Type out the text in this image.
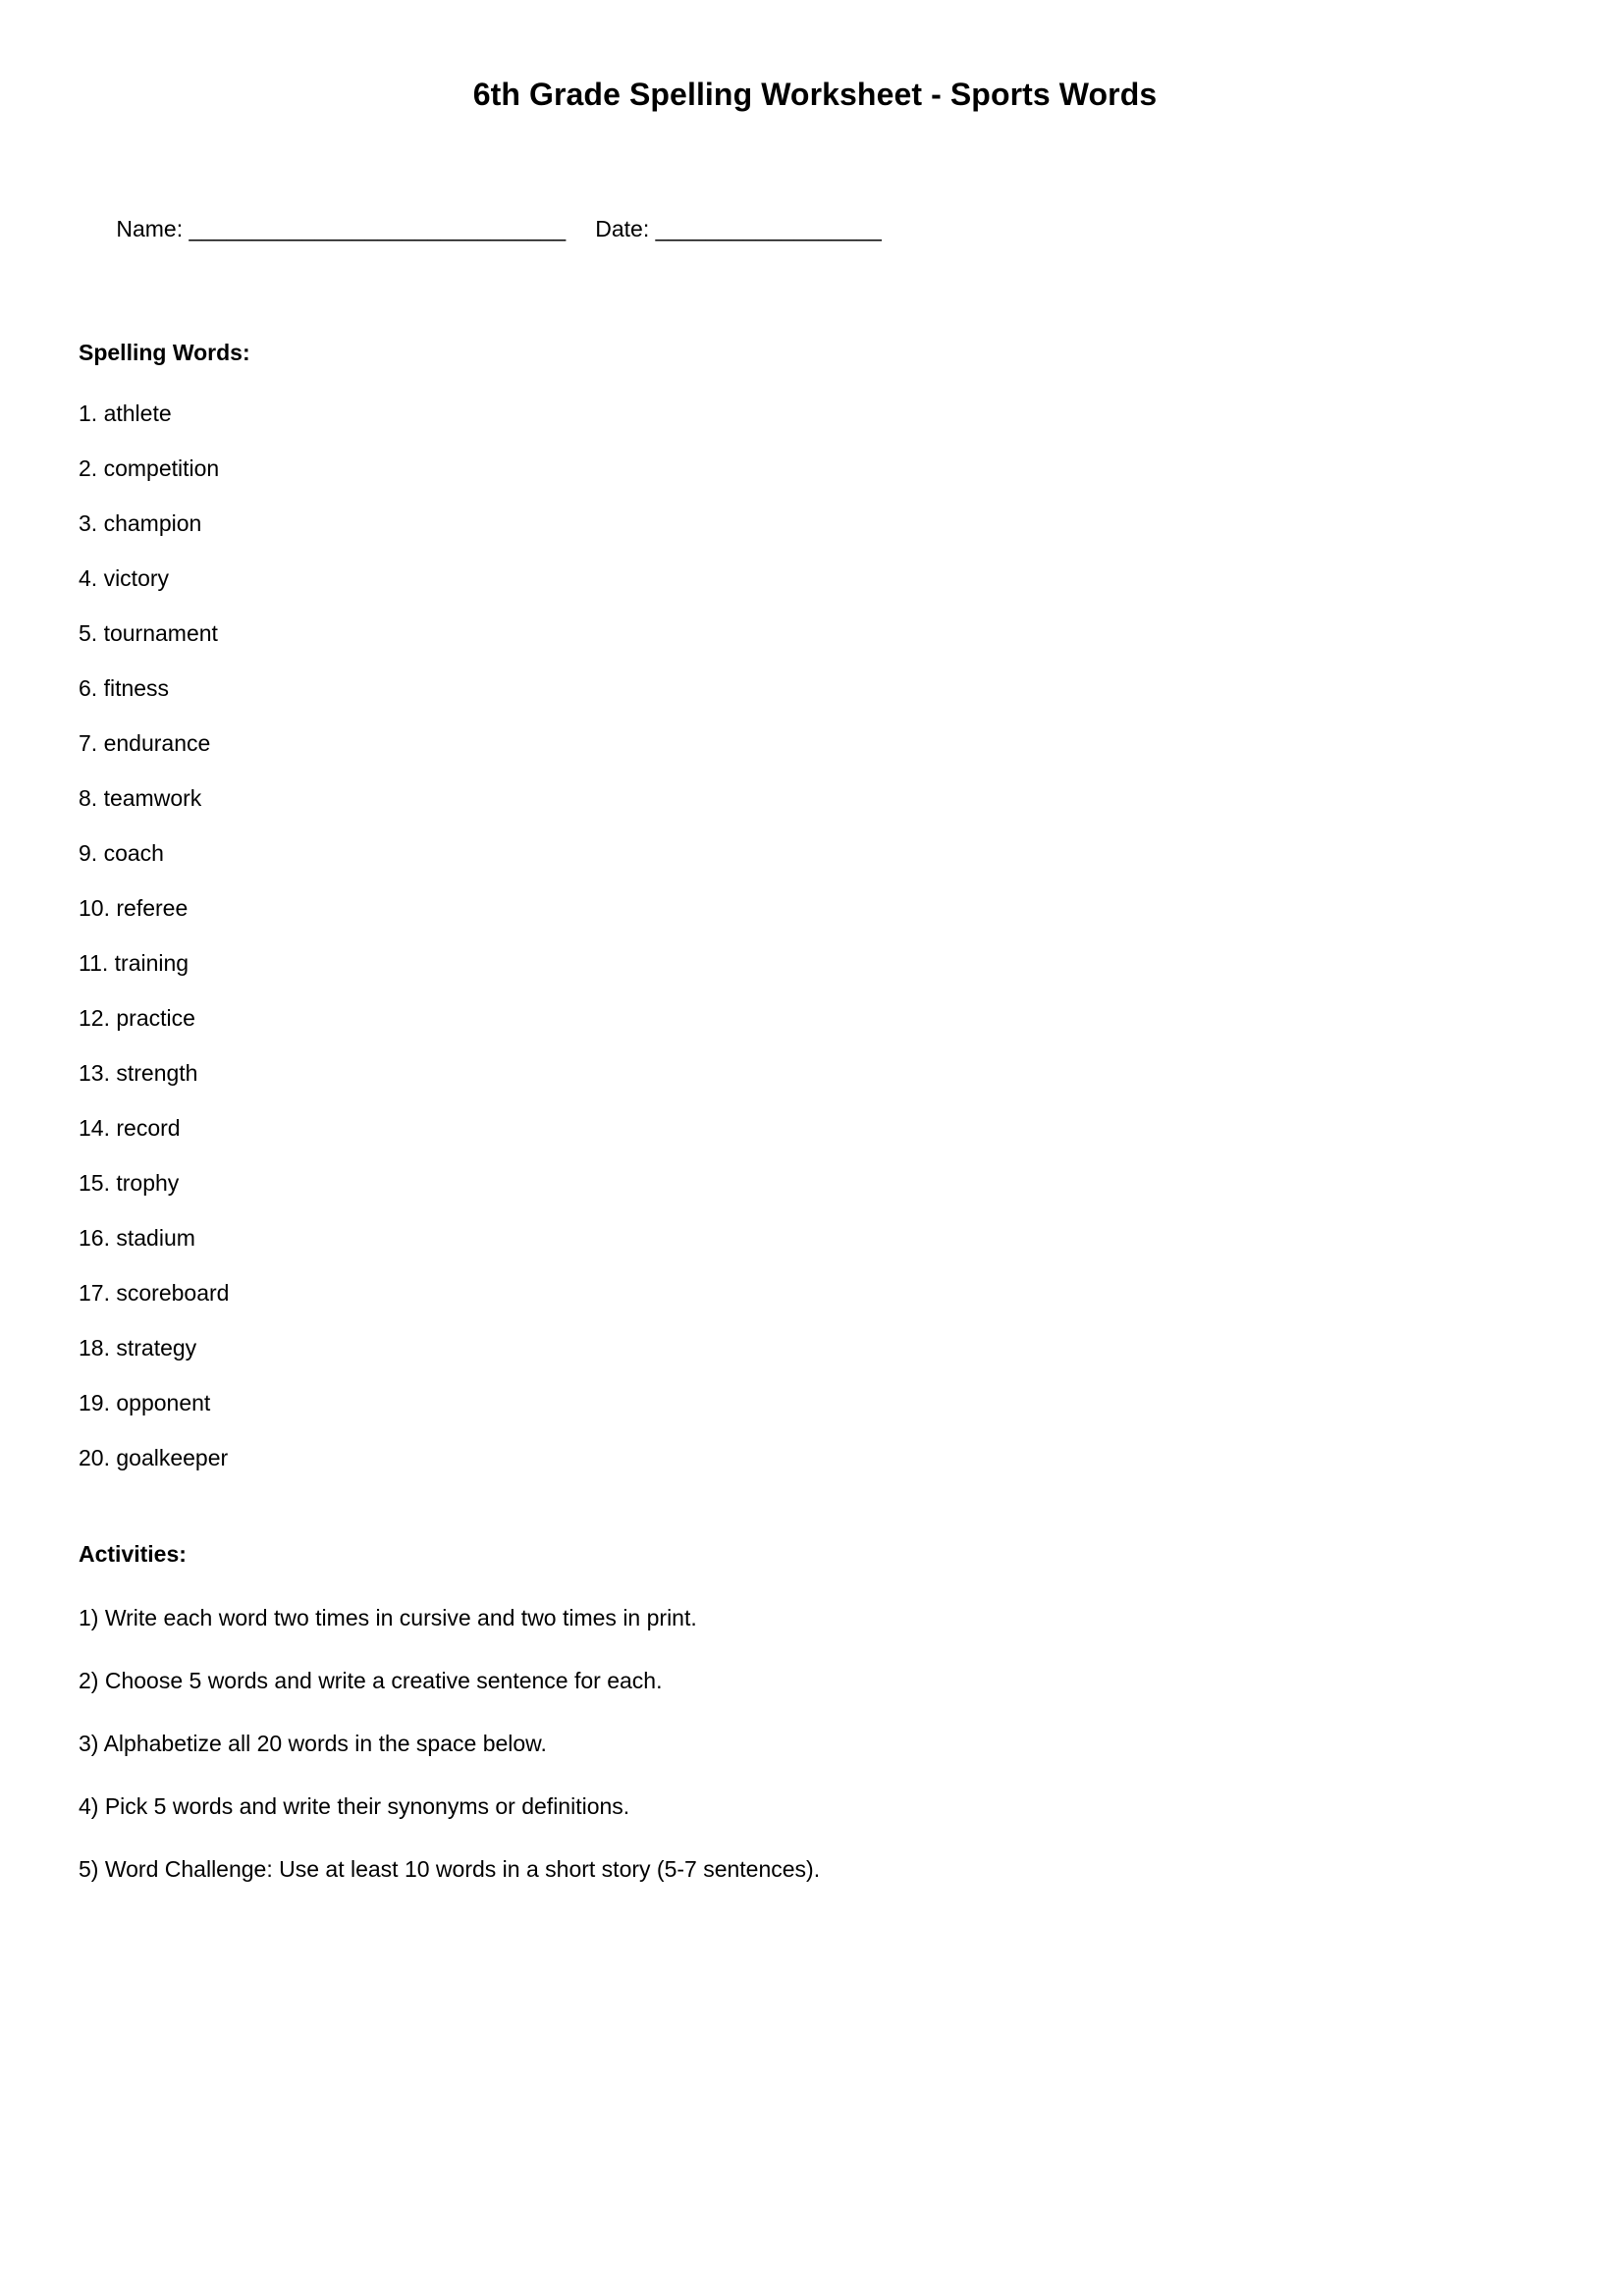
6th Grade Spelling Worksheet - Sports Words

Name: ______________________________ Date: __________________

Spelling Words:
1. athlete
2. competition
3. champion
4. victory
5. tournament
6. fitness
7. endurance
8. teamwork
9. coach
10. referee
11. training
12. practice
13. strength
14. record
15. trophy
16. stadium
17. scoreboard
18. strategy
19. opponent
20. goalkeeper
Activities:
1) Write each word two times in cursive and two times in print.
2) Choose 5 words and write a creative sentence for each.
3) Alphabetize all 20 words in the space below.
4) Pick 5 words and write their synonyms or definitions.
5) Word Challenge: Use at least 10 words in a short story (5-7 sentences).
